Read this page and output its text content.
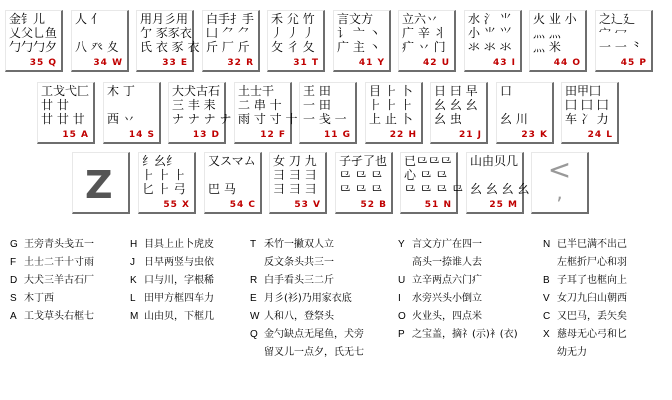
金钅儿
乂父乚鱼
勹勹勹夕
35 Q
人 亻
八 癶 夊
34 W
用月彡用
亇 豕豕衣
氏 衣 豕 衣
33 E
白手扌手
凵 ⺈ ⺈
斤 厂 斤
32 R
禾 ⺏ 竹
丿 丿 丿
攵 彳 夂
31 T
言文方
讠 亠 丶
广 主 丶
41 Y
立六丷
广 辛 丬
疒 丷 门
42 U
水 氵 ⺌
小 ⺌ ⺍
氺 氺 氺
43 I
火 业 小
灬 灬
灬 米
44 O
之辶廴
宀 冖
一 一 ⺀
45 P
工戈弋匚
廿 廿
廿 廿 廿
15 A
木 丁
西 丷
14 S
大犬古石
三 丰 ⽾
ナ ナ ナ ナ
13 D
土士干
二 串 十
雨 寸 寸 十
12 F
王 ⽥
一 ⽥
一 戋 一
11 G
目 ⺊ 卜
⺊ ⺊ ⺊
上 止 卜
22 H
日 曰 早
⺓ ⺓ ⺓
⺓ 虫
21 J
口
⺓ 川
23 K
田甲囗
囗 囗 囗
车 ⼎ 力
24 L
纟幺纟
⺊ ⺊ ⺊
匕 ⺊ 弓
55 X
又スマム
巴 马
54 C
女 刀 九
⺕ ⺕ ⺕
⺕ ⺕ ⺕
53 V
子孑了也
⺋ ⺋ ⺋
⺋ ⺋ ⺋
52 B
已⺋⺋⺋
心 ⺋ ⺋
⺋ ⺋ ⺋ ⺋
51 N
山由贝几
⺓ ⺓ ⺓ ⺓
25 M
Z	<
,
G 王旁青头戋五一
F 土士二干十寸雨
D 大犬三羊古石厂
S 木丁西
A 工戈草头右框七
H 目具上止卜虎皮
J 日早两竖与虫依
K 口与川，字根稀
L 田甲方框四车力
M 山由贝，下框几
T 禾竹一撇双人立
反文条头共三一
R 白手看头三二斤
E 月彡(衫)乃用家衣底
W 人和八，登祭头
Q 金勺缺点无尾鱼，犬旁
留叉儿一点夕，氏无七
Y 言文方广在四一
高头一捺谁人去
U 立辛两点六门疒
I 水旁兴头小倒立
O 火业头，四点米
P 之宝盖，摘礻(示)衤(衣)
N 已半巳满不出己
左框折尸心和羽
B 子耳了也框向上
V 女刀九臼山朝西
C 又巴马，丢矢矣
X 慈母无心弓和匕
幼无力
